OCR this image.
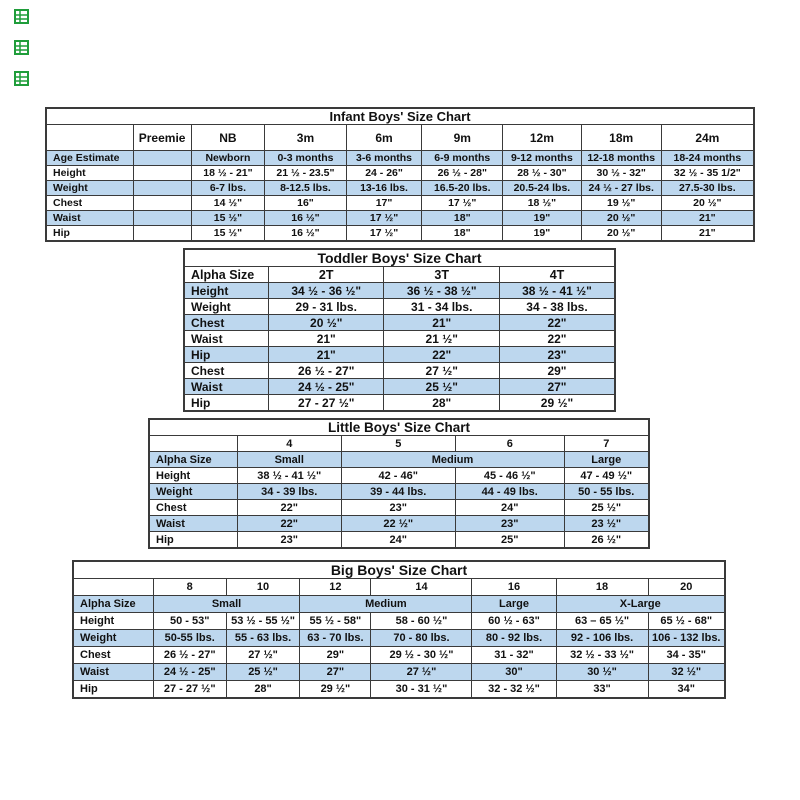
Infant Boys' Size Chart								
	Preemie	NB	3m	6m	9m	12m	18m	24m
Age Estimate		Newborn	0-3 months	3-6 months	6-9 months	9-12 months	12-18 months	18-24 months
Height		18 ½ - 21"	21 ½ - 23.5"	24 - 26"	26 ½ - 28"	28 ½ - 30"	30 ½ - 32"	32 ½ - 35 1/2"
Weight		6-7 lbs.	8-12.5 lbs.	13-16 lbs.	16.5-20 lbs.	20.5-24 lbs.	24 ½ - 27 lbs.	27.5-30 lbs.
Chest		14 ½"	16"	17"	17 ½"	18 ½"	19 ½"	20 ½"
Waist		15 ½"	16 ½"	17 ½"	18"	19"	20 ½"	21"
Hip		15 ½"	16 ½"	17 ½"	18"	19"	20 ½"	21"
Toddler Boys' Size Chart			
Alpha Size	2T	3T	4T
Height	34 ½ - 36 ½"	36 ½ - 38 ½"	38 ½ - 41 ½"
Weight	29 - 31 lbs.	31 - 34 lbs.	34 - 38 lbs.
Chest	20 ½"	21"	22"
Waist	21"	21 ½"	22"
Hip	21"	22"	23"
Chest	26 ½ - 27"	27 ½"	29"
Waist	24 ½ - 25"	25 ½"	27"
Hip	27 - 27 ½"	28"	29 ½"
Little Boys' Size Chart				
	4	5	6	7
Alpha Size	Small	Medium		Large
Height	38 ½ - 41 ½"	42 - 46"	45 - 46 ½"	47 - 49 ½"
Weight	34 - 39 lbs.	39 - 44 lbs.	44 - 49 lbs.	50 - 55 lbs.
Chest	22"	23"	24"	25 ½"
Waist	22"	22 ½"	23"	23 ½"
Hip	23"	24"	25"	26 ½"
Big Boys' Size Chart							
	8	10	12	14	16	18	20
Alpha Size	Small		Medium		Large	X-Large	
Height	50 - 53"	53 ½ - 55 ½"	55 ½ - 58"	58 - 60 ½"	60 ½ - 63"	63 – 65 ½"	65 ½ - 68"
Weight	50-55 lbs.	55 - 63 lbs.	63 - 70 lbs.	70 - 80 lbs.	80 - 92 lbs.	92 - 106 lbs.	106 - 132 lbs.
Chest	26 ½ - 27"	27 ½"	29"	29 ½ - 30 ½"	31 - 32"	32 ½ - 33 ½"	34 - 35"
Waist	24 ½ - 25"	25 ½"	27"	27 ½"	30"	30 ½"	32 ½"
Hip	27 - 27 ½"	28"	29 ½"	30 - 31 ½"	32 - 32 ½"	33"	34"
